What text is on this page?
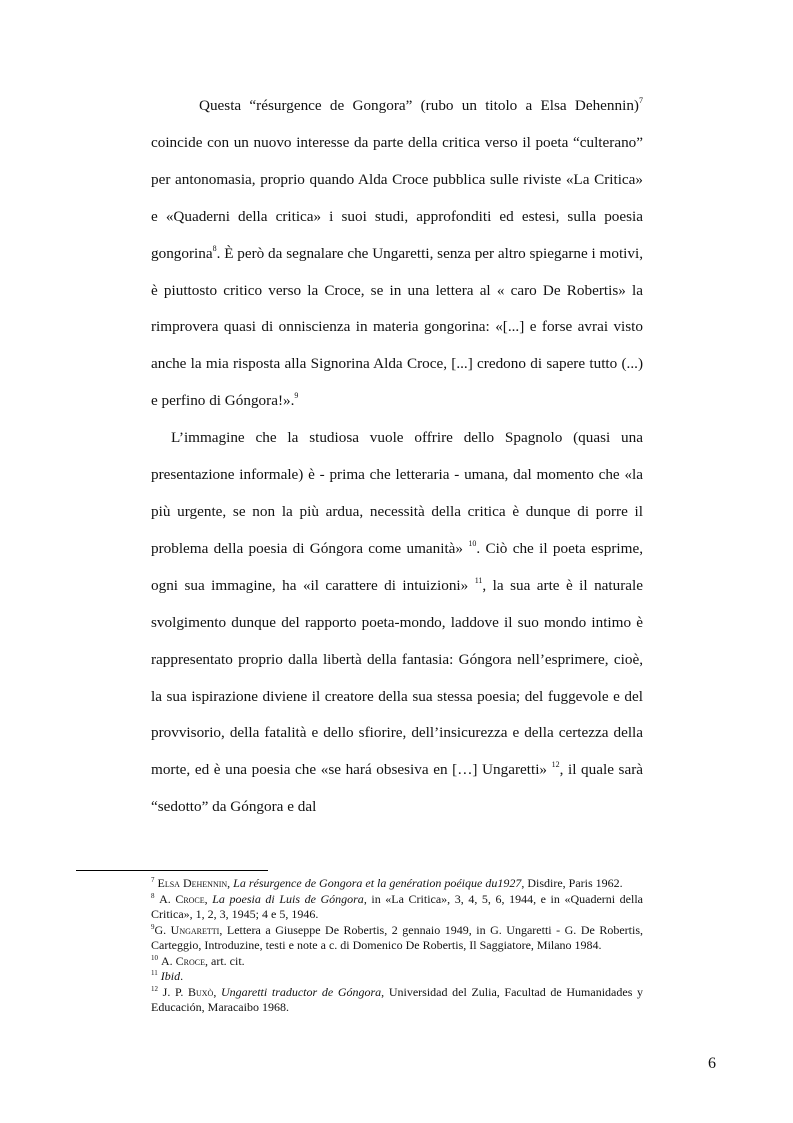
Questa “résurgence de Gongora” (rubo un titolo a Elsa Dehennin)$^7$ coincide con un nuovo interesse da parte della critica verso il poeta “culterano” per antonomasia, proprio quando Alda Croce pubblica sulle riviste «La Critica» e «Quaderni della critica» i suoi studi, approfonditi ed estesi, sulla poesia gongorina$^8$. È però da segnalare che Ungaretti, senza per altro spiegarne i motivi, è piuttosto critico verso la Croce, se in una lettera al « caro De Robertis» la rimprovera quasi di onniscienza in materia gongorina: «[...] e forse avrai visto anche la mia risposta alla Signorina Alda Croce, [...] credono di sapere tutto (...) e perfino di Góngora!».$^9$

L’immagine che la studiosa vuole offrire dello Spagnolo (quasi una presentazione informale) è - prima che letteraria - umana, dal momento che «la più urgente, se non la più ardua, necessità della critica è dunque di porre il problema della poesia di Góngora come umanità» $^{10}$. Ciò che il poeta esprime, ogni sua immagine, ha «il carattere di intuizioni» $^{11}$, la sua arte è il naturale svolgimento dunque del rapporto poeta-mondo, laddove il suo mondo intimo è rappresentato proprio dalla libertà della fantasia: Góngora nell’esprimere, cioè, la sua ispirazione diviene il creatore della sua stessa poesia; del fuggevole e del provvisorio, della fatalità e dello sfiorire, dell’insicurezza e della certezza della morte, ed è una poesia che «se hará obsesiva en […] Ungaretti» $^{12}$, il quale sarà “sedotto” da Góngora e dal

$^7$ Elsa Dehennin, La résurgence de Gongora et la genération poéique du1927, Disdire, Paris 1962.

$^8$ A. Croce, La poesia di Luis de Góngora, in «La Critica», 3, 4, 5, 6, 1944, e in «Quaderni della Critica», 1, 2, 3, 1945; 4 e 5, 1946.

$^9$G. Ungaretti, Lettera a Giuseppe De Robertis, 2 gennaio 1949, in G. Ungaretti - G. De Robertis, Carteggio, Introduzine, testi e note a c. di Domenico De Robertis, Il Saggiatore, Milano 1984.

$^{10}$ A. Croce, art. cit.

$^{11}$ Ibid.

$^{12}$ J. P. Buxò, Ungaretti traductor de Góngora, Universidad del Zulia, Facultad de Humanidades y Educación, Maracaibo 1968.

6
